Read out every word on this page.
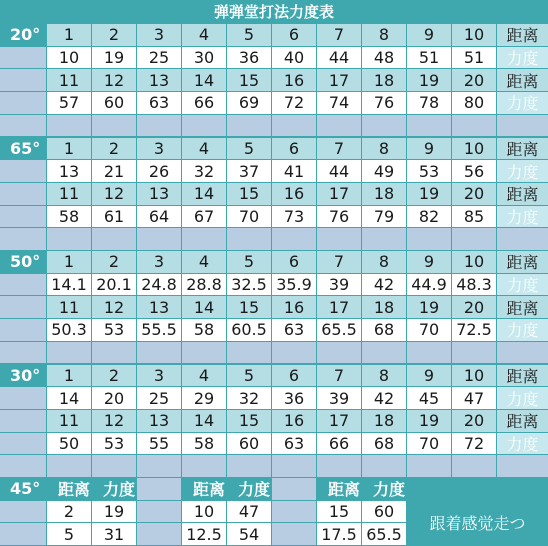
弹弹堂打法力度表
20°	1	2	3	4	5	6	7	8	9	10	距离
10	19	25	30	36	40	44	48	51	51	力度
11	12	13	14	15	16	17	18	19	20	距离
57	60	63	66	69	72	74	76	78	80	力度
65°	1	2	3	4	5	6	7	8	9	10	距离
13	21	26	32	37	41	44	49	53	56	力度
11	12	13	14	15	16	17	18	19	20	距离
58	61	64	67	70	73	76	79	82	85	力度
50°	1	2	3	4	5	6	7	8	9	10	距离
14.1 20.1 24.8 28.8 32.5 35.9	39	42	44.9 48.3 力度
11	12	13	14	15	16	17	18	19	20	距离
50.3	53	55.5	58	60.5	63	65.5	68	70	72.5 力度
30°	1	2	3	4	5	6	7	8	9	10	距离
14	20	25	29	32	36	39	42	45	47	力度
11	12	13	14	15	16	17	18	19	20	距离
50	53	55	58	60	63	66	68	70	72	力度
45°	距离 力度	距离 力度	距离 力度
2	19	10	47	15	60
5	31	12.5	54	17.5 65.5
跟着感觉走つ
